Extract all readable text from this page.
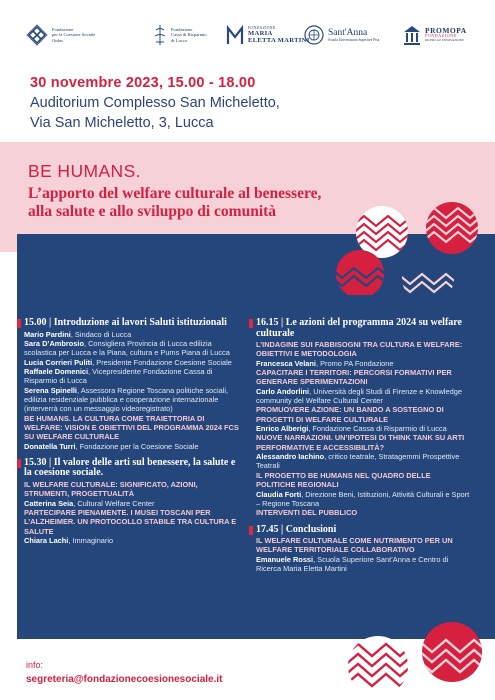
Fondazione
per la Coesione Sociale
Onlus
Fondazione
Cassa di Risparmio
di Lucca
FONDAZIONE
MARIA
ELETTA MARTINI
Sant'Anna
Scuola Universitaria Superiore Pisa
PROMOPA
FONDAZIONE
RICERCA E INNOVAZIONE
30 novembre 2023, 15.00 - 18.00
Auditorium Complesso San Micheletto,
Via San Micheletto, 3, Lucca
BE HUMANS.
L’apporto del welfare culturale al benessere, alla salute e allo sviluppo di comunità
15.00 | Introduzione ai lavori Saluti istituzionali
Mario Pardini, Sindaco di Lucca
Sara D’Ambrosio, Consigliera Provincia di Lucca edilizia scolastica per Lucca e la Piana, cultura e Pums Piana di Lucca
Lucia Corrieri Puliti, Presidente Fondazione Coesione Sociale
Raffaele Domenici, Vicepresidente Fondazione Cassa di Risparmio di Lucca
Serena Spinelli, Assessora Regione Toscana politiche sociali, edilizia residenziale pubblica e cooperazione internazionale (interverrà con un messaggio videoregistrato)
BE HUMANS. LA CULTURA COME TRAIETTORIA DI WELFARE: VISION E OBIETTIVI DEL PROGRAMMA 2024 FCS SU WELFARE CULTURALE
Donatella Turri, Fondazione per la Coesione Sociale
15.30 | Il valore delle arti sul benessere, la salute e la coesione sociale.
IL WELFARE CULTURALE: SIGNIFICATO, AZIONI, STRUMENTI, PROGETTUALITÀ
Catterina Seia, Cultural Welfare Center
PARTECIPARE PIENAMENTE. I MUSEI TOSCANI PER L’ALZHEIMER. UN PROTOCOLLO STABILE TRA CULTURA E SALUTE
Chiara Lachi, Immaginario
16.15 | Le azioni del programma 2024 su welfare culturale
L’INDAGINE SUI FABBISOGNI TRA CULTURA E WELFARE: OBIETTIVI E METODOLOGIA
Francesca Velani, Promo PA Fondazione
CAPACITARE I TERRITORI: PERCORSI FORMATIVI PER GENERARE SPERIMENTAZIONI
Carlo Andorlini, Università degli Studi di Firenze e Knowledge community del Welfare Cultural Center
PROMUOVERE AZIONE: UN BANDO A SOSTEGNO DI PROGETTI DI WELFARE CULTURALE
Enrico Alberigi, Fondazione Cassa di Risparmio di Lucca
NUOVE NARRAZIONI. UN’IPOTESI DI THINK TANK SU ARTI PERFORMATIVE E ACCESSIBILITÀ?
Alessandro Iachino, critico teatrale, Stratagemmi Prospettive Teatrali
IL PROGETTO BE HUMANS NEL QUADRO DELLE POLITICHE REGIONALI
Claudia Forti, Direzione Beni, Istituzioni, Attività Culturali e Sport – Regione Toscana
INTERVENTI DEL PUBBLICO
17.45 | Conclusioni
IL WELFARE CULTURALE COME NUTRIMENTO PER UN WELFARE TERRITORIALE COLLABORATIVO
Emanuele Rossi, Scuola Superiore Sant’Anna e Centro di Ricerca Maria Eletta Martini
info:
segreteria@fondazionecoesionesociale.it
